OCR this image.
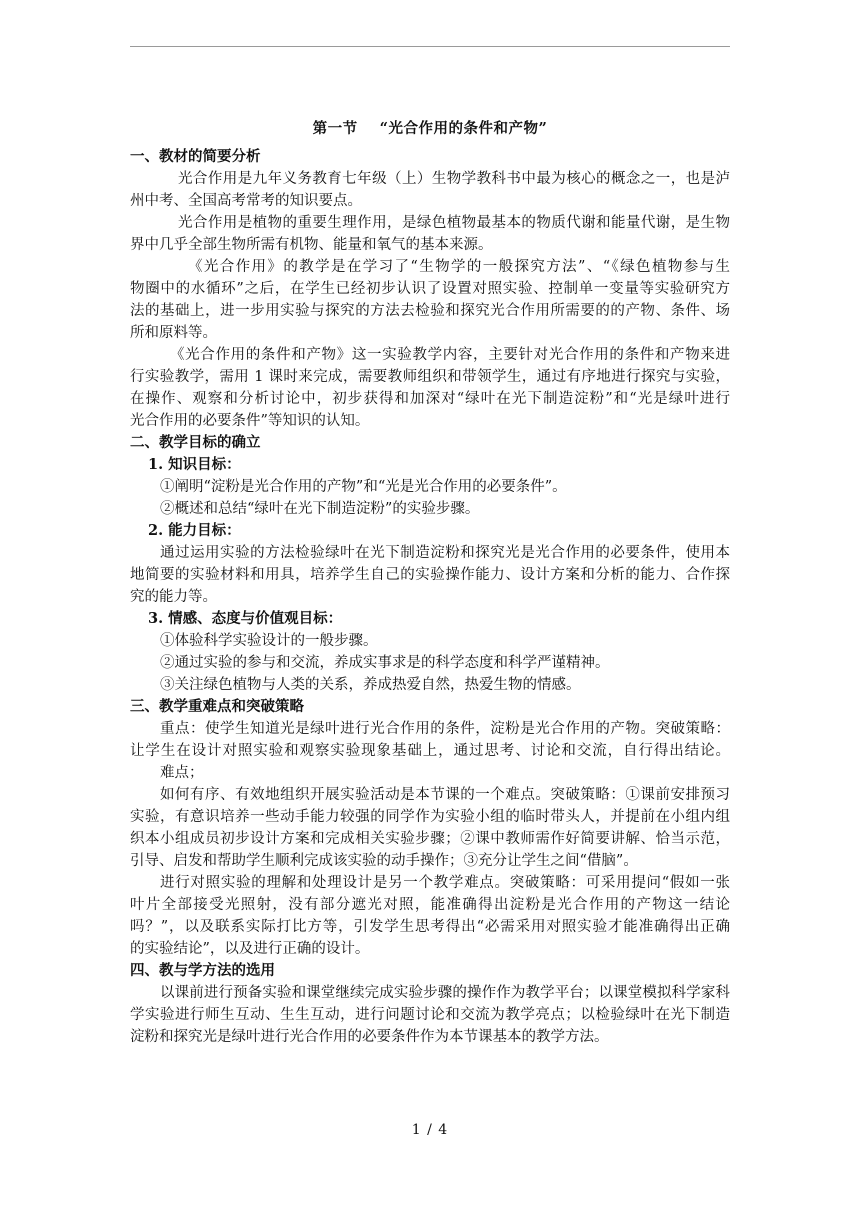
第一节 “光合作用的条件和产物”
一、教材的简要分析
光合作用是九年义务教育七年级（上）生物学教科书中最为核心的概念之一，也是泸
州中考、全国高考常考的知识要点。
光合作用是植物的重要生理作用，是绿色植物最基本的物质代谢和能量代谢，是生物
界中几乎全部生物所需有机物、能量和氧气的基本来源。
《光合作用》的教学是在学习了“生物学的一般探究方法”、“《绿色植物参与生
物圈中的水循环”之后，在学生已经初步认识了设置对照实验、控制单一变量等实验研究方
法的基础上，进一步用实验与探究的方法去检验和探究光合作用所需要的的产物、条件、场
所和原料等。
《光合作用的条件和产物》这一实验教学内容，主要针对光合作用的条件和产物来进
行实验教学，需用 1 课时来完成，需要教师组织和带领学生，通过有序地进行探究与实验，
在操作、观察和分析讨论中，初步获得和加深对“绿叶在光下制造淀粉”和“光是绿叶进行
光合作用的必要条件”等知识的认知。
二、教学目标的确立
1. 知识目标：
①阐明“淀粉是光合作用的产物”和“光是光合作用的必要条件”。
②概述和总结“绿叶在光下制造淀粉”的实验步骤。
2. 能力目标：
通过运用实验的方法检验绿叶在光下制造淀粉和探究光是光合作用的必要条件，使用本
地简要的实验材料和用具，培养学生自己的实验操作能力、设计方案和分析的能力、合作探
究的能力等。
3. 情感、态度与价值观目标：
①体验科学实验设计的一般步骤。
②通过实验的参与和交流，养成实事求是的科学态度和科学严谨精神。
③关注绿色植物与人类的关系，养成热爱自然，热爱生物的情感。
三、教学重难点和突破策略
重点：使学生知道光是绿叶进行光合作用的条件，淀粉是光合作用的产物。突破策略：
让学生在设计对照实验和观察实验现象基础上，通过思考、讨论和交流，自行得出结论。
难点；
如何有序、有效地组织开展实验活动是本节课的一个难点。突破策略：①课前安排预习
实验，有意识培养一些动手能力较强的同学作为实验小组的临时带头人，并提前在小组内组
织本小组成员初步设计方案和完成相关实验步骤；②课中教师需作好简要讲解、恰当示范，
引导、启发和帮助学生顺利完成该实验的动手操作；③充分让学生之间“借脑”。
进行对照实验的理解和处理设计是另一个教学难点。突破策略：可采用提问“假如一张
叶片全部接受光照射，没有部分遮光对照，能准确得出淀粉是光合作用的产物这一结论
吗？”，以及联系实际打比方等，引发学生思考得出“必需采用对照实验才能准确得出正确
的实验结论”，以及进行正确的设计。
四、教与学方法的选用
以课前进行预备实验和课堂继续完成实验步骤的操作作为教学平台；以课堂模拟科学家科
学实验进行师生互动、生生互动，进行问题讨论和交流为教学亮点；以检验绿叶在光下制造
淀粉和探究光是绿叶进行光合作用的必要条件作为本节课基本的教学方法。
1 / 4
